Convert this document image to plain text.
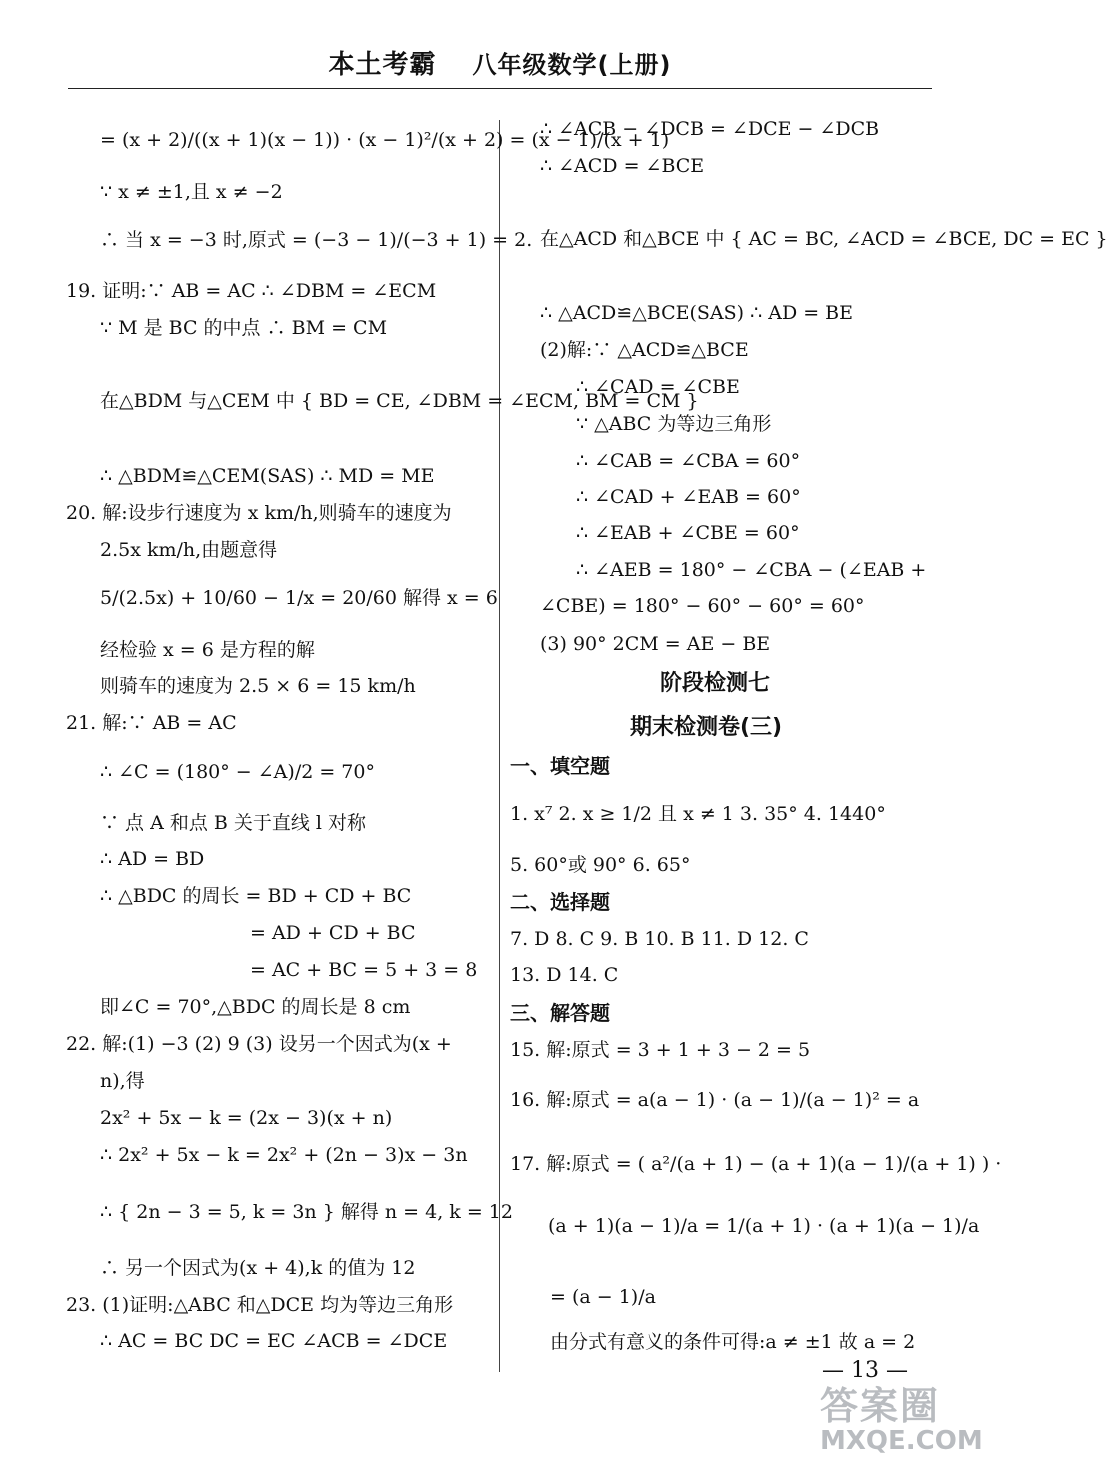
本土考霸 八年级数学(上册)
= (x + 2)/((x + 1)(x − 1)) · (x − 1)²/(x + 2) = (x − 1)/(x + 1)
∵ x ≠ ±1,且 x ≠ −2
∴ 当 x = −3 时,原式 = (−3 − 1)/(−3 + 1) = 2.
19. 证明:∵ AB = AC ∴ ∠DBM = ∠ECM
∵ M 是 BC 的中点 ∴ BM = CM
在△BDM 与△CEM 中 { BD = CE, ∠DBM = ∠ECM, BM = CM }
∴ △BDM≌△CEM(SAS) ∴ MD = ME
20. 解:设步行速度为 x km/h,则骑车的速度为
2.5x km/h,由题意得
5/(2.5x) + 10/60 − 1/x = 20/60 解得 x = 6
经检验 x = 6 是方程的解
则骑车的速度为 2.5 × 6 = 15 km/h
21. 解:∵ AB = AC
∴ ∠C = (180° − ∠A)/2 = 70°
∵ 点 A 和点 B 关于直线 l 对称
∴ AD = BD
∴ △BDC 的周长 = BD + CD + BC
= AD + CD + BC
= AC + BC = 5 + 3 = 8
即∠C = 70°,△BDC 的周长是 8 cm
22. 解:(1) −3 (2) 9 (3) 设另一个因式为(x +
n),得
2x² + 5x − k = (2x − 3)(x + n)
∴ 2x² + 5x − k = 2x² + (2n − 3)x − 3n
∴ { 2n − 3 = 5, k = 3n } 解得 n = 4, k = 12
∴ 另一个因式为(x + 4),k 的值为 12
23. (1)证明:△ABC 和△DCE 均为等边三角形
∴ AC = BC DC = EC ∠ACB = ∠DCE
∴ ∠ACB − ∠DCB = ∠DCE − ∠DCB
∴ ∠ACD = ∠BCE
在△ACD 和△BCE 中 { AC = BC, ∠ACD = ∠BCE, DC = EC }
∴ △ACD≌△BCE(SAS) ∴ AD = BE
(2)解:∵ △ACD≌△BCE
∴ ∠CAD = ∠CBE
∵ △ABC 为等边三角形
∴ ∠CAB = ∠CBA = 60°
∴ ∠CAD + ∠EAB = 60°
∴ ∠EAB + ∠CBE = 60°
∴ ∠AEB = 180° − ∠CBA − (∠EAB +
∠CBE) = 180° − 60° − 60° = 60°
(3) 90° 2CM = AE − BE
阶段检测七
期末检测卷(三)
一、填空题
1. x⁷ 2. x ≥ 1/2 且 x ≠ 1 3. 35° 4. 1440°
5. 60°或 90° 6. 65°
二、选择题
7. D 8. C 9. B 10. B 11. D 12. C
13. D 14. C
三、解答题
15. 解:原式 = 3 + 1 + 3 − 2 = 5
16. 解:原式 = a(a − 1) · (a − 1)/(a − 1)² = a
17. 解:原式 = ( a²/(a + 1) − (a + 1)(a − 1)/(a + 1) ) ·
(a + 1)(a − 1)/a = 1/(a + 1) · (a + 1)(a − 1)/a
= (a − 1)/a
由分式有意义的条件可得:a ≠ ±1 故 a = 2
— 13 —
答案圈
MXQE.COM
